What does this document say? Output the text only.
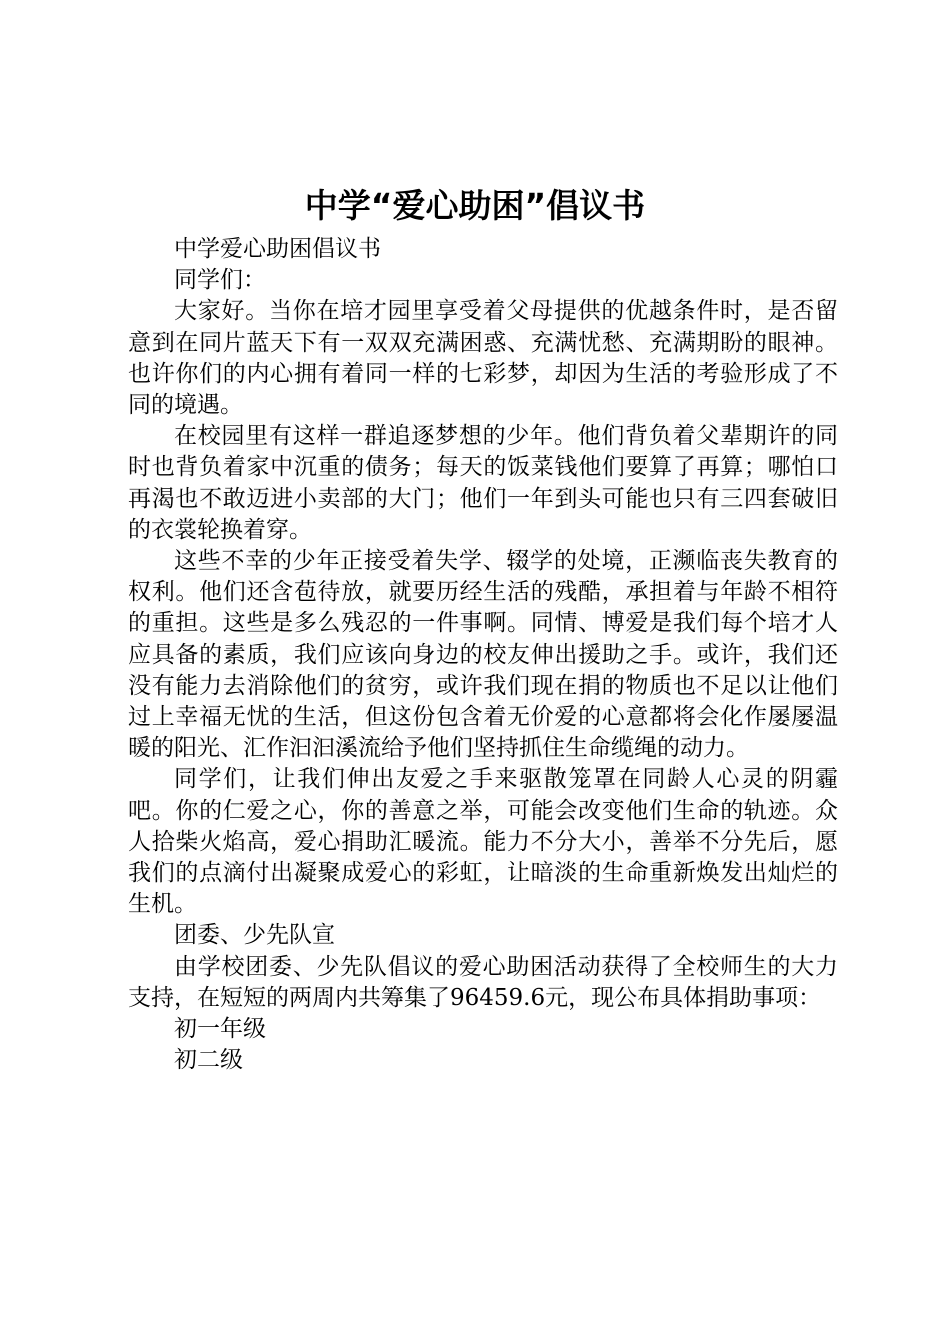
中学“爱心助困”倡议书

中学爱心助困倡议书

同学们：

大家好。当你在培才园里享受着父母提供的优越条件时，是否留意到在同片蓝天下有一双双充满困惑、充满忧愁、充满期盼的眼神。也许你们的内心拥有着同一样的七彩梦，却因为生活的考验形成了不同的境遇。

在校园里有这样一群追逐梦想的少年。他们背负着父辈期许的同时也背负着家中沉重的债务；每天的饭菜钱他们要算了再算；哪怕口再渴也不敢迈进小卖部的大门；他们一年到头可能也只有三四套破旧的衣裳轮换着穿。

这些不幸的少年正接受着失学、辍学的处境，正濒临丧失教育的权利。他们还含苞待放，就要历经生活的残酷，承担着与年龄不相符的重担。这些是多么残忍的一件事啊。同情、博爱是我们每个培才人应具备的素质，我们应该向身边的校友伸出援助之手。或许，我们还没有能力去消除他们的贫穷，或许我们现在捐的物质也不足以让他们过上幸福无忧的生活，但这份包含着无价爱的心意都将会化作屡屡温暖的阳光、汇作汩汩溪流给予他们坚持抓住生命缆绳的动力。

同学们，让我们伸出友爱之手来驱散笼罩在同龄人心灵的阴霾吧。你的仁爱之心，你的善意之举，可能会改变他们生命的轨迹。众人拾柴火焰高，爱心捐助汇暖流。能力不分大小，善举不分先后，愿我们的点滴付出凝聚成爱心的彩虹，让暗淡的生命重新焕发出灿烂的生机。

团委、少先队宣

由学校团委、少先队倡议的爱心助困活动获得了全校师生的大力支持，在短短的两周内共筹集了96459.6元，现公布具体捐助事项：

初一年级

初二级
